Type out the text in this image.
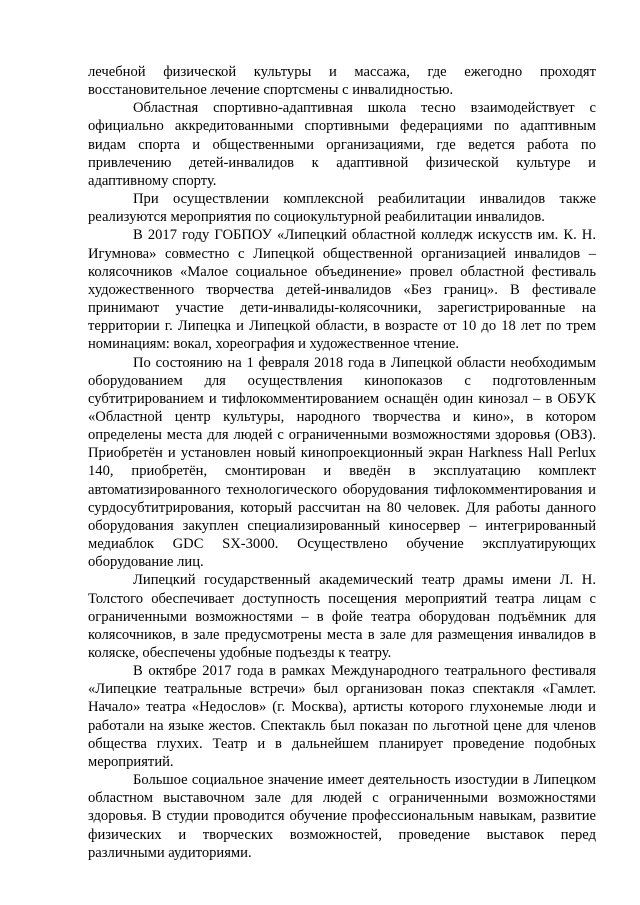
лечебной физической культуры и массажа, где ежегодно проходят восстановительное лечение спортсмены с инвалидностью.

Областная спортивно-адаптивная школа тесно взаимодействует с официально аккредитованными спортивными федерациями по адаптивным видам спорта и общественными организациями, где ведется работа по привлечению детей-инвалидов к адаптивной физической культуре и адаптивному спорту.

При осуществлении комплексной реабилитации инвалидов также реализуются мероприятия по социокультурной реабилитации инвалидов.

В 2017 году ГОБПОУ «Липецкий областной колледж искусств им. К. Н. Игумнова» совместно с Липецкой общественной организацией инвалидов – колясочников «Малое социальное объединение» провел областной фестиваль художественного творчества детей-инвалидов «Без границ». В фестивале принимают участие дети-инвалиды-колясочники, зарегистрированные на территории г. Липецка и Липецкой области, в возрасте от 10 до 18 лет по трем номинациям: вокал, хореография и художественное чтение.

По состоянию на 1 февраля 2018 года в Липецкой области необходимым оборудованием для осуществления кинопоказов с подготовленным субтитрированием и тифлокомментированием оснащён один кинозал – в ОБУК «Областной центр культуры, народного творчества и кино», в котором определены места для людей с ограниченными возможностями здоровья (ОВЗ). Приобретён и установлен новый кинопроекционный экран Harkness Hall Perlux 140, приобретён, смонтирован и введён в эксплуатацию комплект автоматизированного технологического оборудования тифлокомментирования и сурдосубтитрирования, который рассчитан на 80 человек. Для работы данного оборудования закуплен специализированный киносервер – интегрированный медиаблок GDC SX-3000. Осуществлено обучение эксплуатирующих оборудование лиц.

Липецкий государственный академический театр драмы имени Л. Н. Толстого обеспечивает доступность посещения мероприятий театра лицам с ограниченными возможностями – в фойе театра оборудован подъёмник для колясочников, в зале предусмотрены места в зале для размещения инвалидов в коляске, обеспечены удобные подъезды к театру.

В октябре 2017 года в рамках Международного театрального фестиваля «Липецкие театральные встречи» был организован показ спектакля «Гамлет. Начало» театра «Недослов» (г. Москва), артисты которого глухонемые люди и работали на языке жестов. Спектакль был показан по льготной цене для членов общества глухих. Театр и в дальнейшем планирует проведение подобных мероприятий.

Большое социальное значение имеет деятельность изостудии в Липецком областном выставочном зале для людей с ограниченными возможностями здоровья. В студии проводится обучение профессиональным навыкам, развитие физических и творческих возможностей, проведение выставок перед различными аудиториями.
